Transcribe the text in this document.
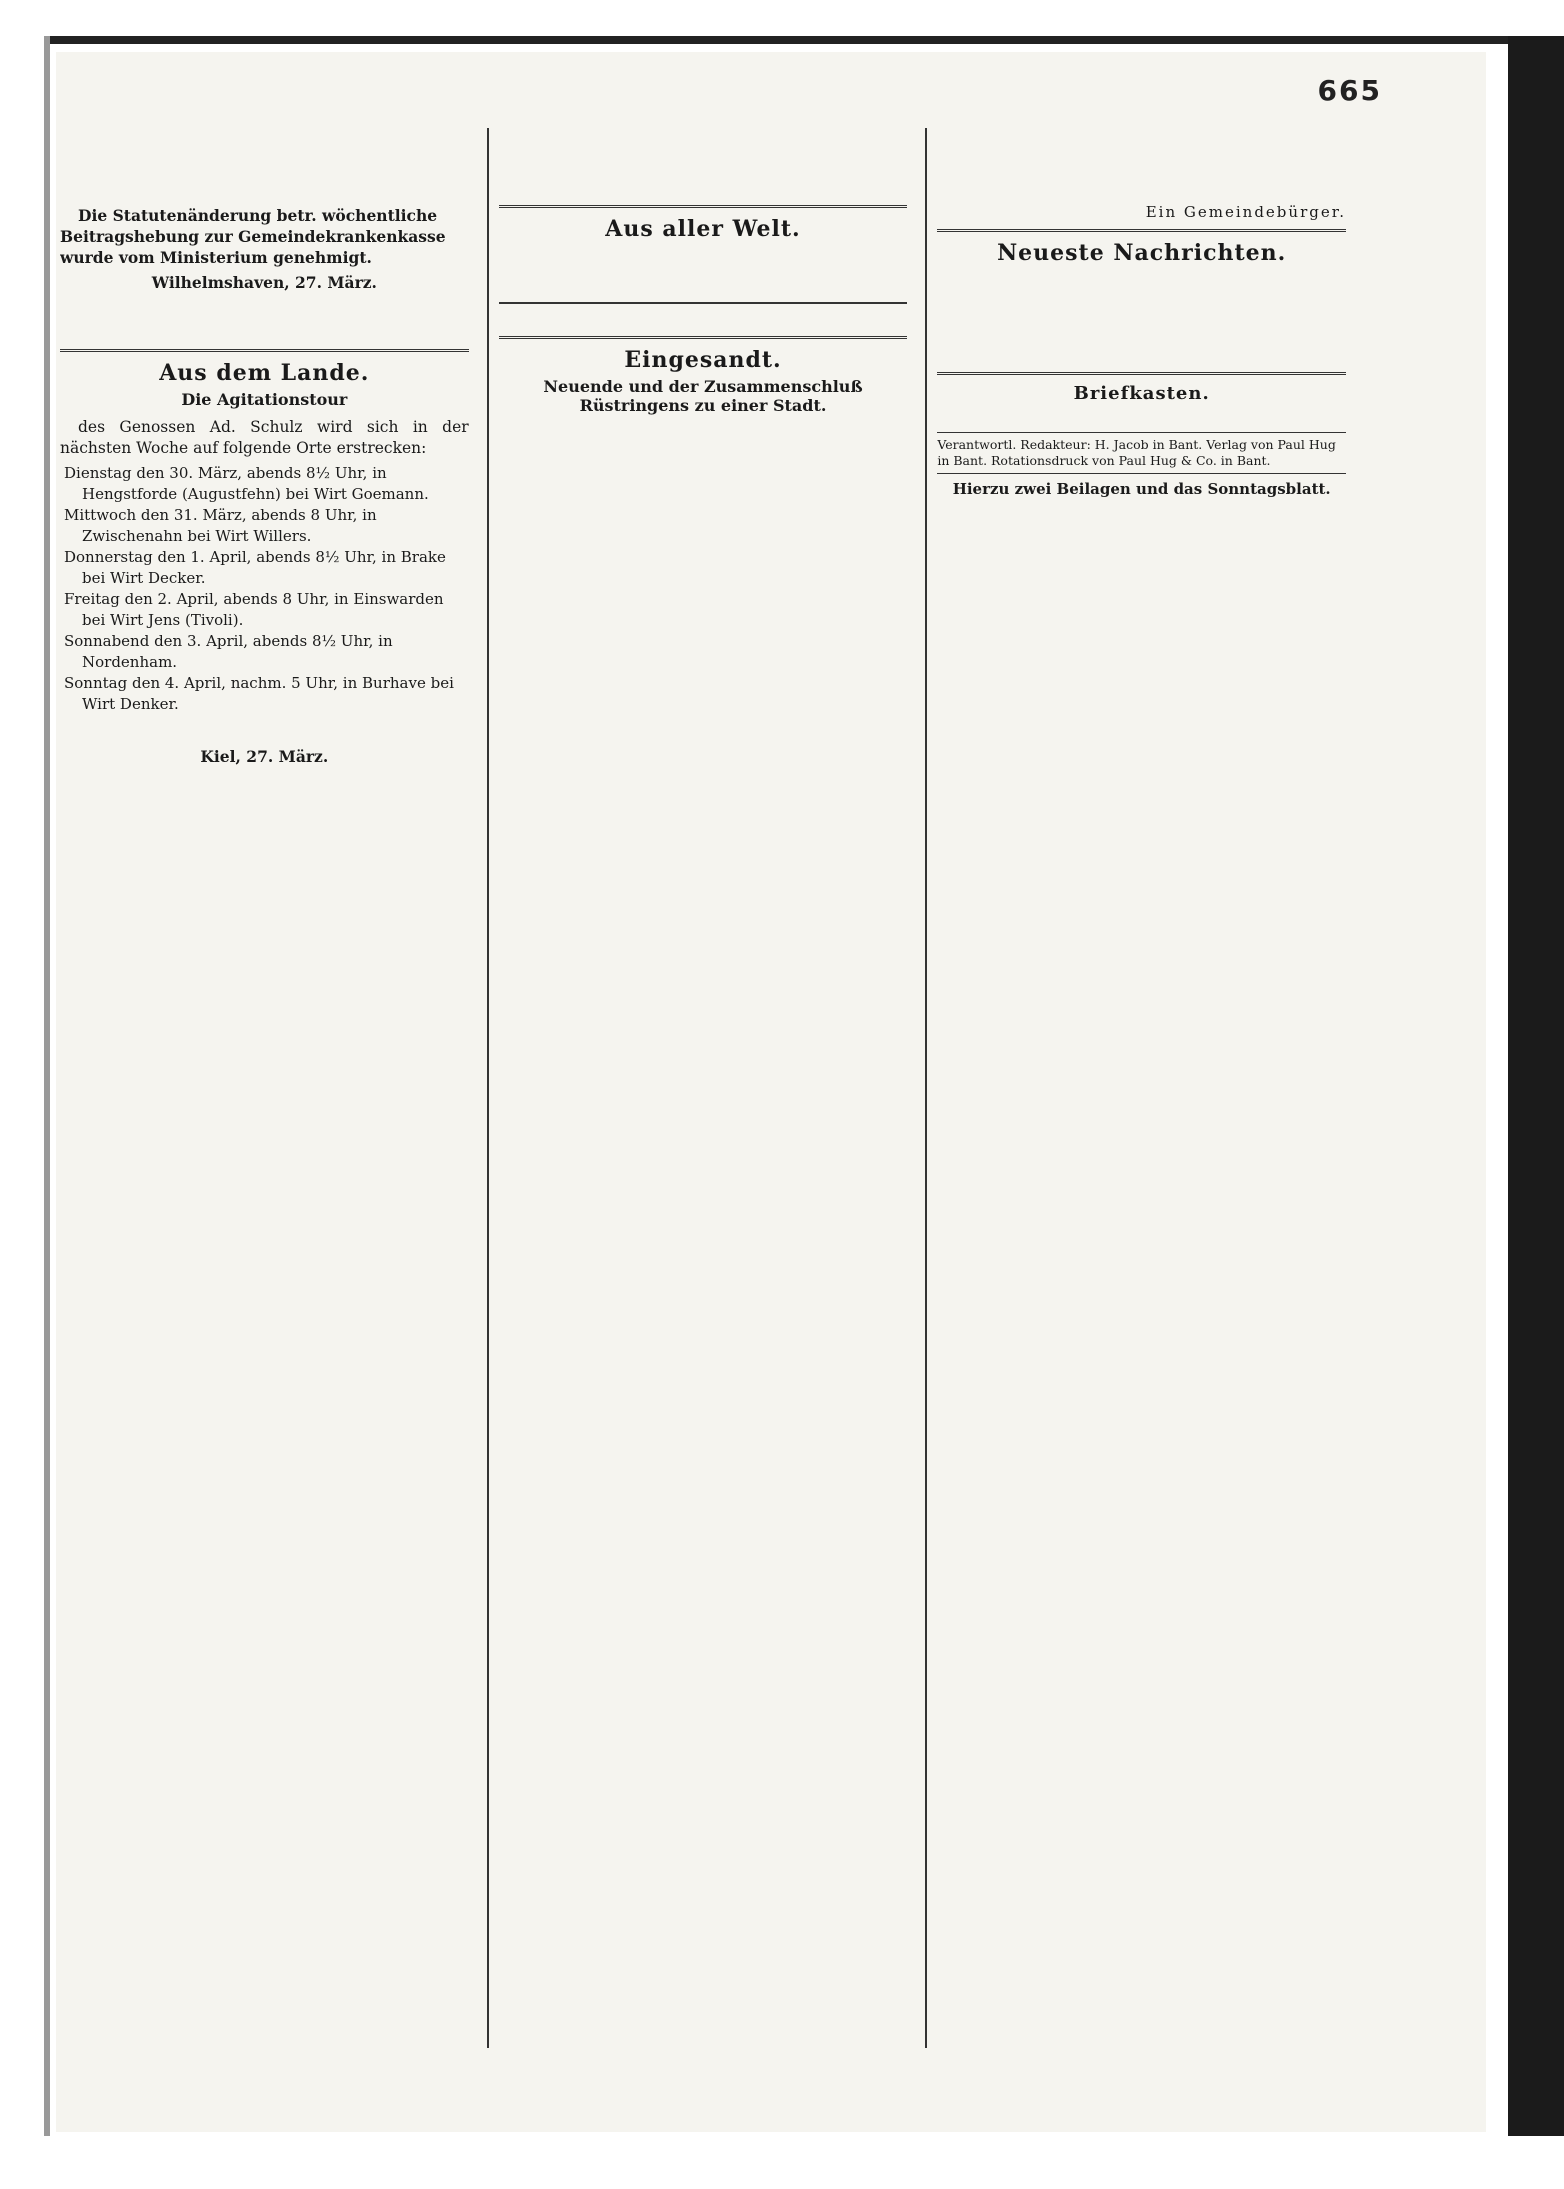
665

Die Statutenänderung betr. wöchentliche Beitragshebung zur Gemeindekrankenkasse wurde vom Ministerium genehmigt.

Wilhelmshaven, 27. März.

Aus dem Lande.
Die Agitationstour

des Genossen Ad. Schulz wird sich in der nächsten Woche auf folgende Orte erstrecken:

Dienstag den 30. März, abends 8½ Uhr, in Hengstforde (Augustfehn) bei Wirt Goemann.
Mittwoch den 31. März, abends 8 Uhr, in Zwischenahn bei Wirt Willers.
Donnerstag den 1. April, abends 8½ Uhr, in Brake bei Wirt Decker.
Freitag den 2. April, abends 8 Uhr, in Einswarden bei Wirt Jens (Tivoli).
Sonnabend den 3. April, abends 8½ Uhr, in Nordenham.
Sonntag den 4. April, nachm. 5 Uhr, in Burhave bei Wirt Denker.

Kiel, 27. März.

Aus aller Welt.

Eingesandt.
Neuende und der Zusammenschluß Rüstringens zu einer Stadt.

Ein Gemeindebürger.
Neueste Nachrichten.

Briefkasten.

Verantwortl. Redakteur: H. Jacob in Bant. Verlag von Paul Hug in Bant. Rotationsdruck von Paul Hug & Co. in Bant.
Hierzu zwei Beilagen und das Sonntagsblatt.
